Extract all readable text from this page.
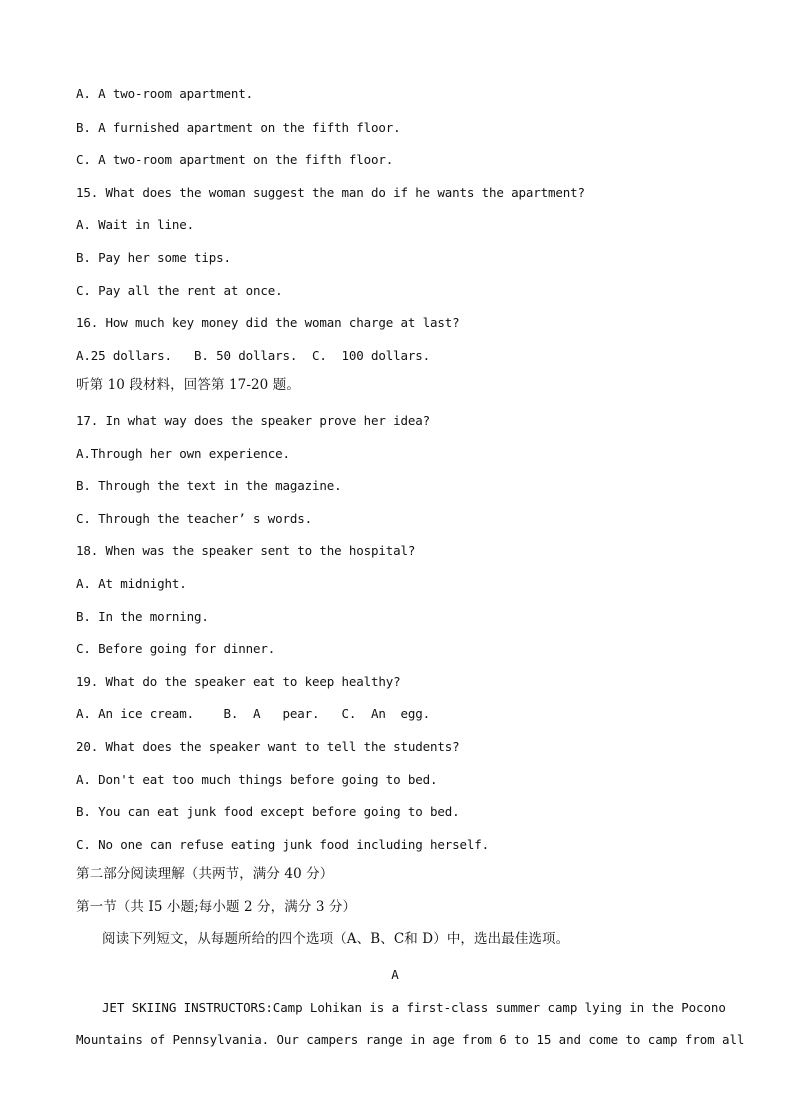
A. A two-room apartment.
B. A furnished apartment on the fifth floor.
C. A two-room apartment on the fifth floor.
15. What does the woman suggest the man do if he wants the apartment?
A. Wait in line.
B. Pay her some tips.
C. Pay all the rent at once.
16. How much key money did the woman charge at last?
A.25 dollars.   B. 50 dollars.  C.  100 dollars.
听第 10 段材料，回答第 17-20 题。
17. In what way does the speaker prove her idea?
A.Through her own experience.
B. Through the text in the magazine.
C. Through the teacher’ s words.
18. When was the speaker sent to the hospital?
A. At midnight.
B. In the morning.
C. Before going for dinner.
19. What do the speaker eat to keep healthy?
A. An ice cream.    B.  A   pear.   C.  An  egg.
20. What does the speaker want to tell the students?
A. Don't eat too much things before going to bed.
B. You can eat junk food except before going to bed.
C. No one can refuse eating junk food including herself.
第二部分阅读理解（共两节，满分 40 分）
第一节（共 I5 小题;每小题 2 分，满分 3 分）
阅读下列短文，从每题所给的四个选项（A、B、C和 D）中，选出最佳选项。
A
JET SKIING INSTRUCTORS:Camp Lohikan is a first-class summer camp lying in the Pocono
Mountains of Pennsylvania. Our campers range in age from 6 to 15 and come to camp from all
